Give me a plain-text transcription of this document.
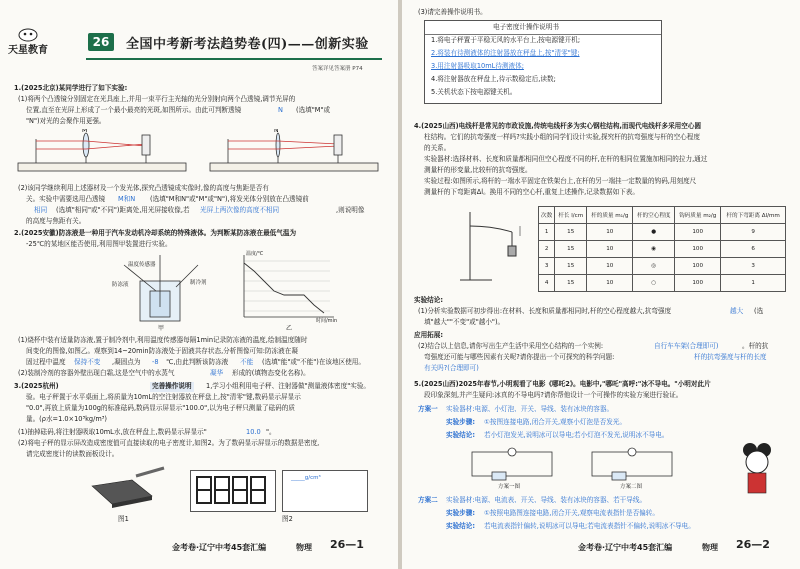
天星教育
26	全国中考新考法趋势卷(四)——创新实验
答案详见答案册 P74
1.(2025北京)某同学进行了如下实验:
(1)将两个凸透镜分别固定在光具座上,并用一束平行主光轴的光分别射向两个凸透镜,调节光屏的
位置,直至在光屏上形成了一个最小最亮的光斑,如图所示。由此可判断透镜	N (选填"M"或
"N")对光的会聚作用更强。
M	N
(2)该同学继续利用上述器材及一个发光体,探究凸透镜成实像时,像的高度与焦距是否有
关。实验中需要选用凸透镜 M和N (选填"M和N"或"M"或"N"),将发光体分别放在凸透镜前
相同 (选填"相同"或"不同")距离处,用光屏接收像,若 光屏上两次像的高度不相同	,则说明像
的高度与焦距有关。
2.(2025安徽)防冻液是一种用于汽车发动机冷却系统的特殊液体。为判断某防冻液在最低气温为
-25℃的某地区能否使用,利用图甲装置进行实验。
温度传感器
防冻液	制冷剂
甲
温度/℃
时间/min
乙
(1)烧杯中装有适量防冻液,置于制冷剂中,利用温度传感器每隔1min记录防冻液的温度,绘制温度随时
间变化的图像,如图乙。观察到14~20min防冻液处于固液共存状态,分析图像可知:防冻液在凝
固过程中温度 保持不变 ,凝固点为 -8 ℃,由此判断该防冻液 不能 (选填"能"或"不能")在该地区使用。
(2)装制冷剂的容器外壁出现白霜,这是空气中的水蒸气	凝华 形成的(填物态变化名称)。
3.(2025杭州)	完善操作说明	1,学习小组利用电子秤、注射器做"测量液体密度"实验。
验。电子秤置于水平桌面上,将质量为10mL的空注射器放在秤盘上,按"清零"键,数码显示屏显示
"0.0",再放上质量为100g的标准砝码,数码显示屏显示"100.0",以为电子秤只测量了砝码的质
量。(ρ水=1.0×10³kg/m³)
(1)抽掉砝码,将注射器吸取10mL水,放在秤盘上,数码显示屏显示"	10.0 "。
(2)将电子秤的显示屏改造成密度值可直接读取的电子密度计,如图2。为了数码显示屏显示的数据是密度,
请完成密度计的读数面板设计。
图1
_____g/cm³
图2
金考卷·辽宁中考45套汇编	物理 26—1
(3)请完善操作说明书。
电子密度计操作说明书
1.将电子秤置于平稳无风的水平台上,按电源键开机;
2.将装有待测液体的注射器放在秤盘上,按"清零"键;
3.用注射器吸取10mL待测液体;
4.将注射器放在秤盘上,待示数稳定后,读数;
5.关机状态下按电源键关机。
4.(2025山西)电线杆是常见的市政设施,传统电线杆多为实心钢柱结构,而现代电线杆多采用空心圆
柱结构。它们的抗弯强度一样吗?实践小组的同学们设计实验,探究杆的抗弯强度与杆的空心程度
的关系。
实验器材:选择材料、长度和质量都相同但空心程度不同的杆,在杆的相同位置施加相同的拉力,通过
测量杆的形变量,比较杆的抗弯强度。
实验过程:如图所示,将杆的一端水平固定在铁架台上,在杆的另一端挂一定数量的钩码,用刻度尺
测量杆的下弯距离Δl。换用不同的空心杆,重复上述操作,记录数据如下表。
次数	杆长 l/cm	杆的质量 m₁/g	杆的空心程度	钩码质量 m₂/g	杆的下弯距离 Δl/mm
1	15	10	●	100	9
2	15	10	◉	100	6
3	15	10	◎	100	3
4	15	10	○	100	1
实验结论:
(1)分析实验数据可初步得出:在材料、长度和质量都相同时,杆的空心程度越大,抗弯强度	越大 (选
填"越大""不变"或"越小")。
应用拓展:
(2)结合以上信息,请你写出生产生活中采用空心结构的一个实例:	自行车车架(合理即可)	。杆的抗
弯强度还可能与哪些因素有关呢?请你提出一个可探究的科学问题:	杆的抗弯强度与杆的长度
有关吗?(合理即可)
5.(2025山西)2025年春节,小明观看了电影《哪吒2》。电影中,"哪吒"高呼:"冰不导电。"小明对此片
段印象深刻,并产生疑问:冰真的不导电吗?请你帮他设计一个可操作的实验方案进行验证。
方案一 实验器材:电源、小灯泡、开关、导线、装有冰块的容器。
实验步骤: ①按图连接电路,闭合开关,观察小灯泡是否发光。
实验结论: 若小灯泡发光,说明冰可以导电;若小灯泡不发光,说明冰不导电。
方案一图	方案二图
方案二 实验器材:电源、电流表、开关、导线、装有冰块的容器、若干导线。
实验步骤: ①按照电路图连接电路,闭合开关,观察电流表指针是否偏转。
实验结论: 若电流表指针偏转,说明冰可以导电;若电流表指针不偏转,说明冰不导电。
金考卷·辽宁中考45套汇编	物理 26—2
